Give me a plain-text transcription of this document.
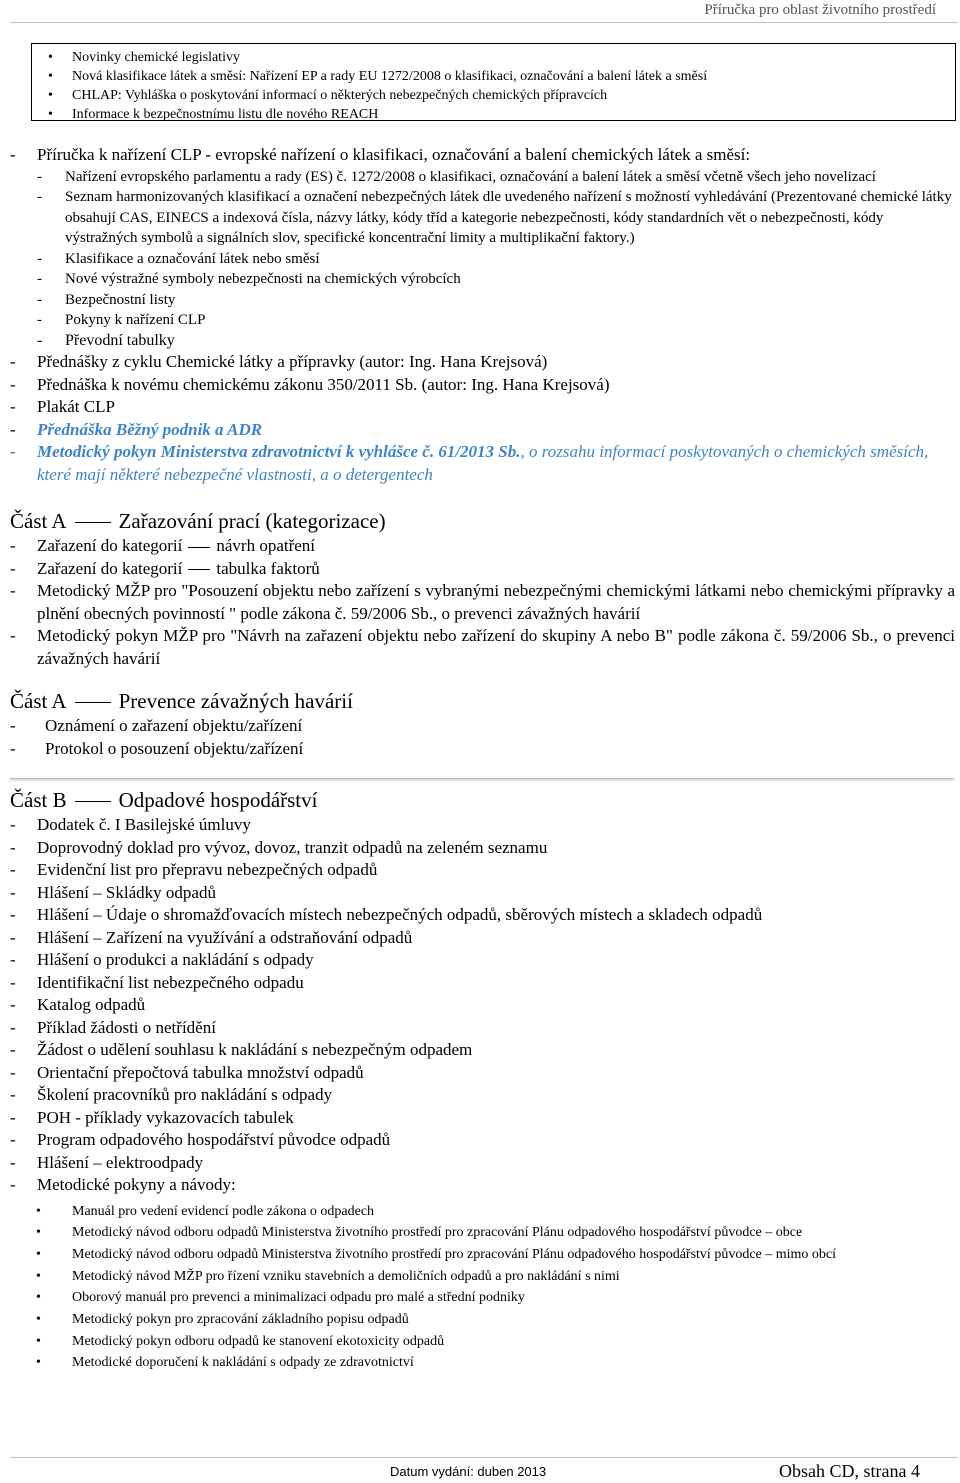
Příručka pro oblast životního prostředí
• Novinky chemické legislativy
• Nová klasifikace látek a směsí: Nařízení EP a rady EU 1272/2008 o klasifikaci, označování a balení látek a směsí
• CHLAP: Vyhláška o poskytování informací o některých nebezpečných chemických přípravcích
• Informace k bezpečnostnímu listu dle nového REACH

- Příručka k nařízení CLP - evropské nařízení o klasifikaci, označování a balení chemických látek a směsí:

- Nařízení evropského parlamentu a rady (ES) č. 1272/2008 o klasifikaci, označování a balení látek a směsí včetně všech jeho novelizací

- Seznam harmonizovaných klasifikací a označení nebezpečných látek dle uvedeného nařízení s možností vyhledávání (Prezentované chemické látky obsahují CAS, EINECS a indexová čísla, názvy látky, kódy tříd a kategorie nebezpečnosti, kódy standardních vět o nebezpečnosti, kódy výstražných symbolů a signálních slov, specifické koncentrační limity a multiplikační faktory.)

- Klasifikace a označování látek nebo směsí

- Nové výstražné symboly nebezpečnosti na chemických výrobcích

- Bezpečnostní listy

- Pokyny k nařízení CLP

- Převodní tabulky

- Přednášky z cyklu Chemické látky a přípravky (autor: Ing. Hana Krejsová)

- Přednáška k novému chemickému zákonu 350/2011 Sb. (autor: Ing. Hana Krejsová)

- Plakát CLP

- Přednáška Běžný podnik a ADR

- Metodický pokyn Ministerstva zdravotnictví k vyhlášce č. 61/2013 Sb., o rozsahu informací poskytovaných o chemických směsích, které mají některé nebezpečné vlastnosti, a o detergentech

Část A Zařazování prací (kategorizace)

- Zařazení do kategorií návrh opatření

- Zařazení do kategorií tabulka faktorů

- Metodický MŽP pro "Posouzení objektu nebo zařízení s vybranými nebezpečnými chemickými látkami nebo chemickými přípravky a plnění obecných povinností " podle zákona č. 59/2006 Sb., o prevenci závažných havárií

- Metodický pokyn MŽP pro "Návrh na zařazení objektu nebo zařízení do skupiny A nebo B" podle zákona č. 59/2006 Sb., o prevenci závažných havárií

Část A Prevence závažných havárií

- Oznámení o zařazení objektu/zařízení

- Protokol o posouzení objektu/zařízení

Část B Odpadové hospodářství

- Dodatek č. I Basilejské úmluvy

- Doprovodný doklad pro vývoz, dovoz, tranzit odpadů na zeleném seznamu

- Evidenční list pro přepravu nebezpečných odpadů

- Hlášení – Skládky odpadů

- Hlášení – Údaje o shromažďovacích místech nebezpečných odpadů, sběrových místech a skladech odpadů

- Hlášení – Zařízení na využívání a odstraňování odpadů

- Hlášení o produkci a nakládání s odpady

- Identifikační list nebezpečného odpadu

- Katalog odpadů

- Příklad žádosti o netřídění

- Žádost o udělení souhlasu k nakládání s nebezpečným odpadem

- Orientační přepočtová tabulka množství odpadů

- Školení pracovníků pro nakládání s odpady

- POH - příklady vykazovacích tabulek

- Program odpadového hospodářství původce odpadů

- Hlášení – elektroodpady

- Metodické pokyny a návody:

• Manuál pro vedení evidencí podle zákona o odpadech
• Metodický návod odboru odpadů Ministerstva životního prostředí pro zpracování Plánu odpadového hospodářství původce – obce
• Metodický návod odboru odpadů Ministerstva životního prostředí pro zpracování Plánu odpadového hospodářství původce – mimo obcí
• Metodický návod MŽP pro řízení vzniku stavebních a demoličních odpadů a pro nakládání s nimi
• Oborový manuál pro prevenci a minimalizaci odpadu pro malé a střední podniky
• Metodický pokyn pro zpracování základního popisu odpadů
• Metodický pokyn odboru odpadů ke stanovení ekotoxicity odpadů
• Metodické doporučení k nakládání s odpady ze zdravotnictví
Datum vydání: duben 2013	Obsah CD, strana 4
